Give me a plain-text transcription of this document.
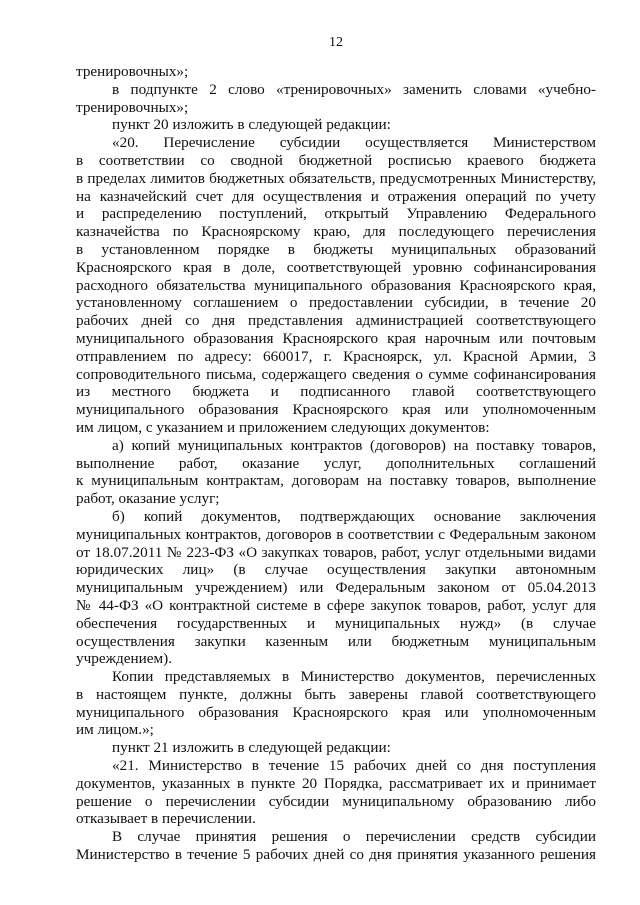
12
тренировочных»;
в подпункте 2 слово «тренировочных» заменить словами «учебно-
тренировочных»;
пункт 20 изложить в следующей редакции:
«20. Перечисление субсидии осуществляется Министерством
в соответствии со сводной бюджетной росписью краевого бюджета
в пределах лимитов бюджетных обязательств, предусмотренных Министерству,
на казначейский счет для осуществления и отражения операций по учету
и распределению поступлений, открытый Управлению Федерального
казначейства по Красноярскому краю, для последующего перечисления
в установленном порядке в бюджеты муниципальных образований
Красноярского края в доле, соответствующей уровню софинансирования
расходного обязательства муниципального образования Красноярского края,
установленному соглашением о предоставлении субсидии, в течение 20
рабочих дней со дня представления администрацией соответствующего
муниципального образования Красноярского края нарочным или почтовым
отправлением по адресу: 660017, г. Красноярск, ул. Красной Армии, 3
сопроводительного письма, содержащего сведения о сумме софинансирования
из местного бюджета и подписанного главой соответствующего
муниципального образования Красноярского края или уполномоченным
им лицом, с указанием и приложением следующих документов:
а) копий муниципальных контрактов (договоров) на поставку товаров,
выполнение работ, оказание услуг, дополнительных соглашений
к муниципальным контрактам, договорам на поставку товаров, выполнение
работ, оказание услуг;
б) копий документов, подтверждающих основание заключения
муниципальных контрактов, договоров в соответствии с Федеральным законом
от 18.07.2011 № 223-ФЗ «О закупках товаров, работ, услуг отдельными видами
юридических лиц» (в случае осуществления закупки автономным
муниципальным учреждением) или Федеральным законом от 05.04.2013
№ 44-ФЗ «О контрактной системе в сфере закупок товаров, работ, услуг для
обеспечения государственных и муниципальных нужд» (в случае
осуществления закупки казенным или бюджетным муниципальным
учреждением).
Копии представляемых в Министерство документов, перечисленных
в настоящем пункте, должны быть заверены главой соответствующего
муниципального образования Красноярского края или уполномоченным
им лицом.»;
пункт 21 изложить в следующей редакции:
«21. Министерство в течение 15 рабочих дней со дня поступления
документов, указанных в пункте 20 Порядка, рассматривает их и принимает
решение о перечислении субсидии муниципальному образованию либо
отказывает в перечислении.
В случае принятия решения о перечислении средств субсидии
Министерство в течение 5 рабочих дней со дня принятия указанного решения
